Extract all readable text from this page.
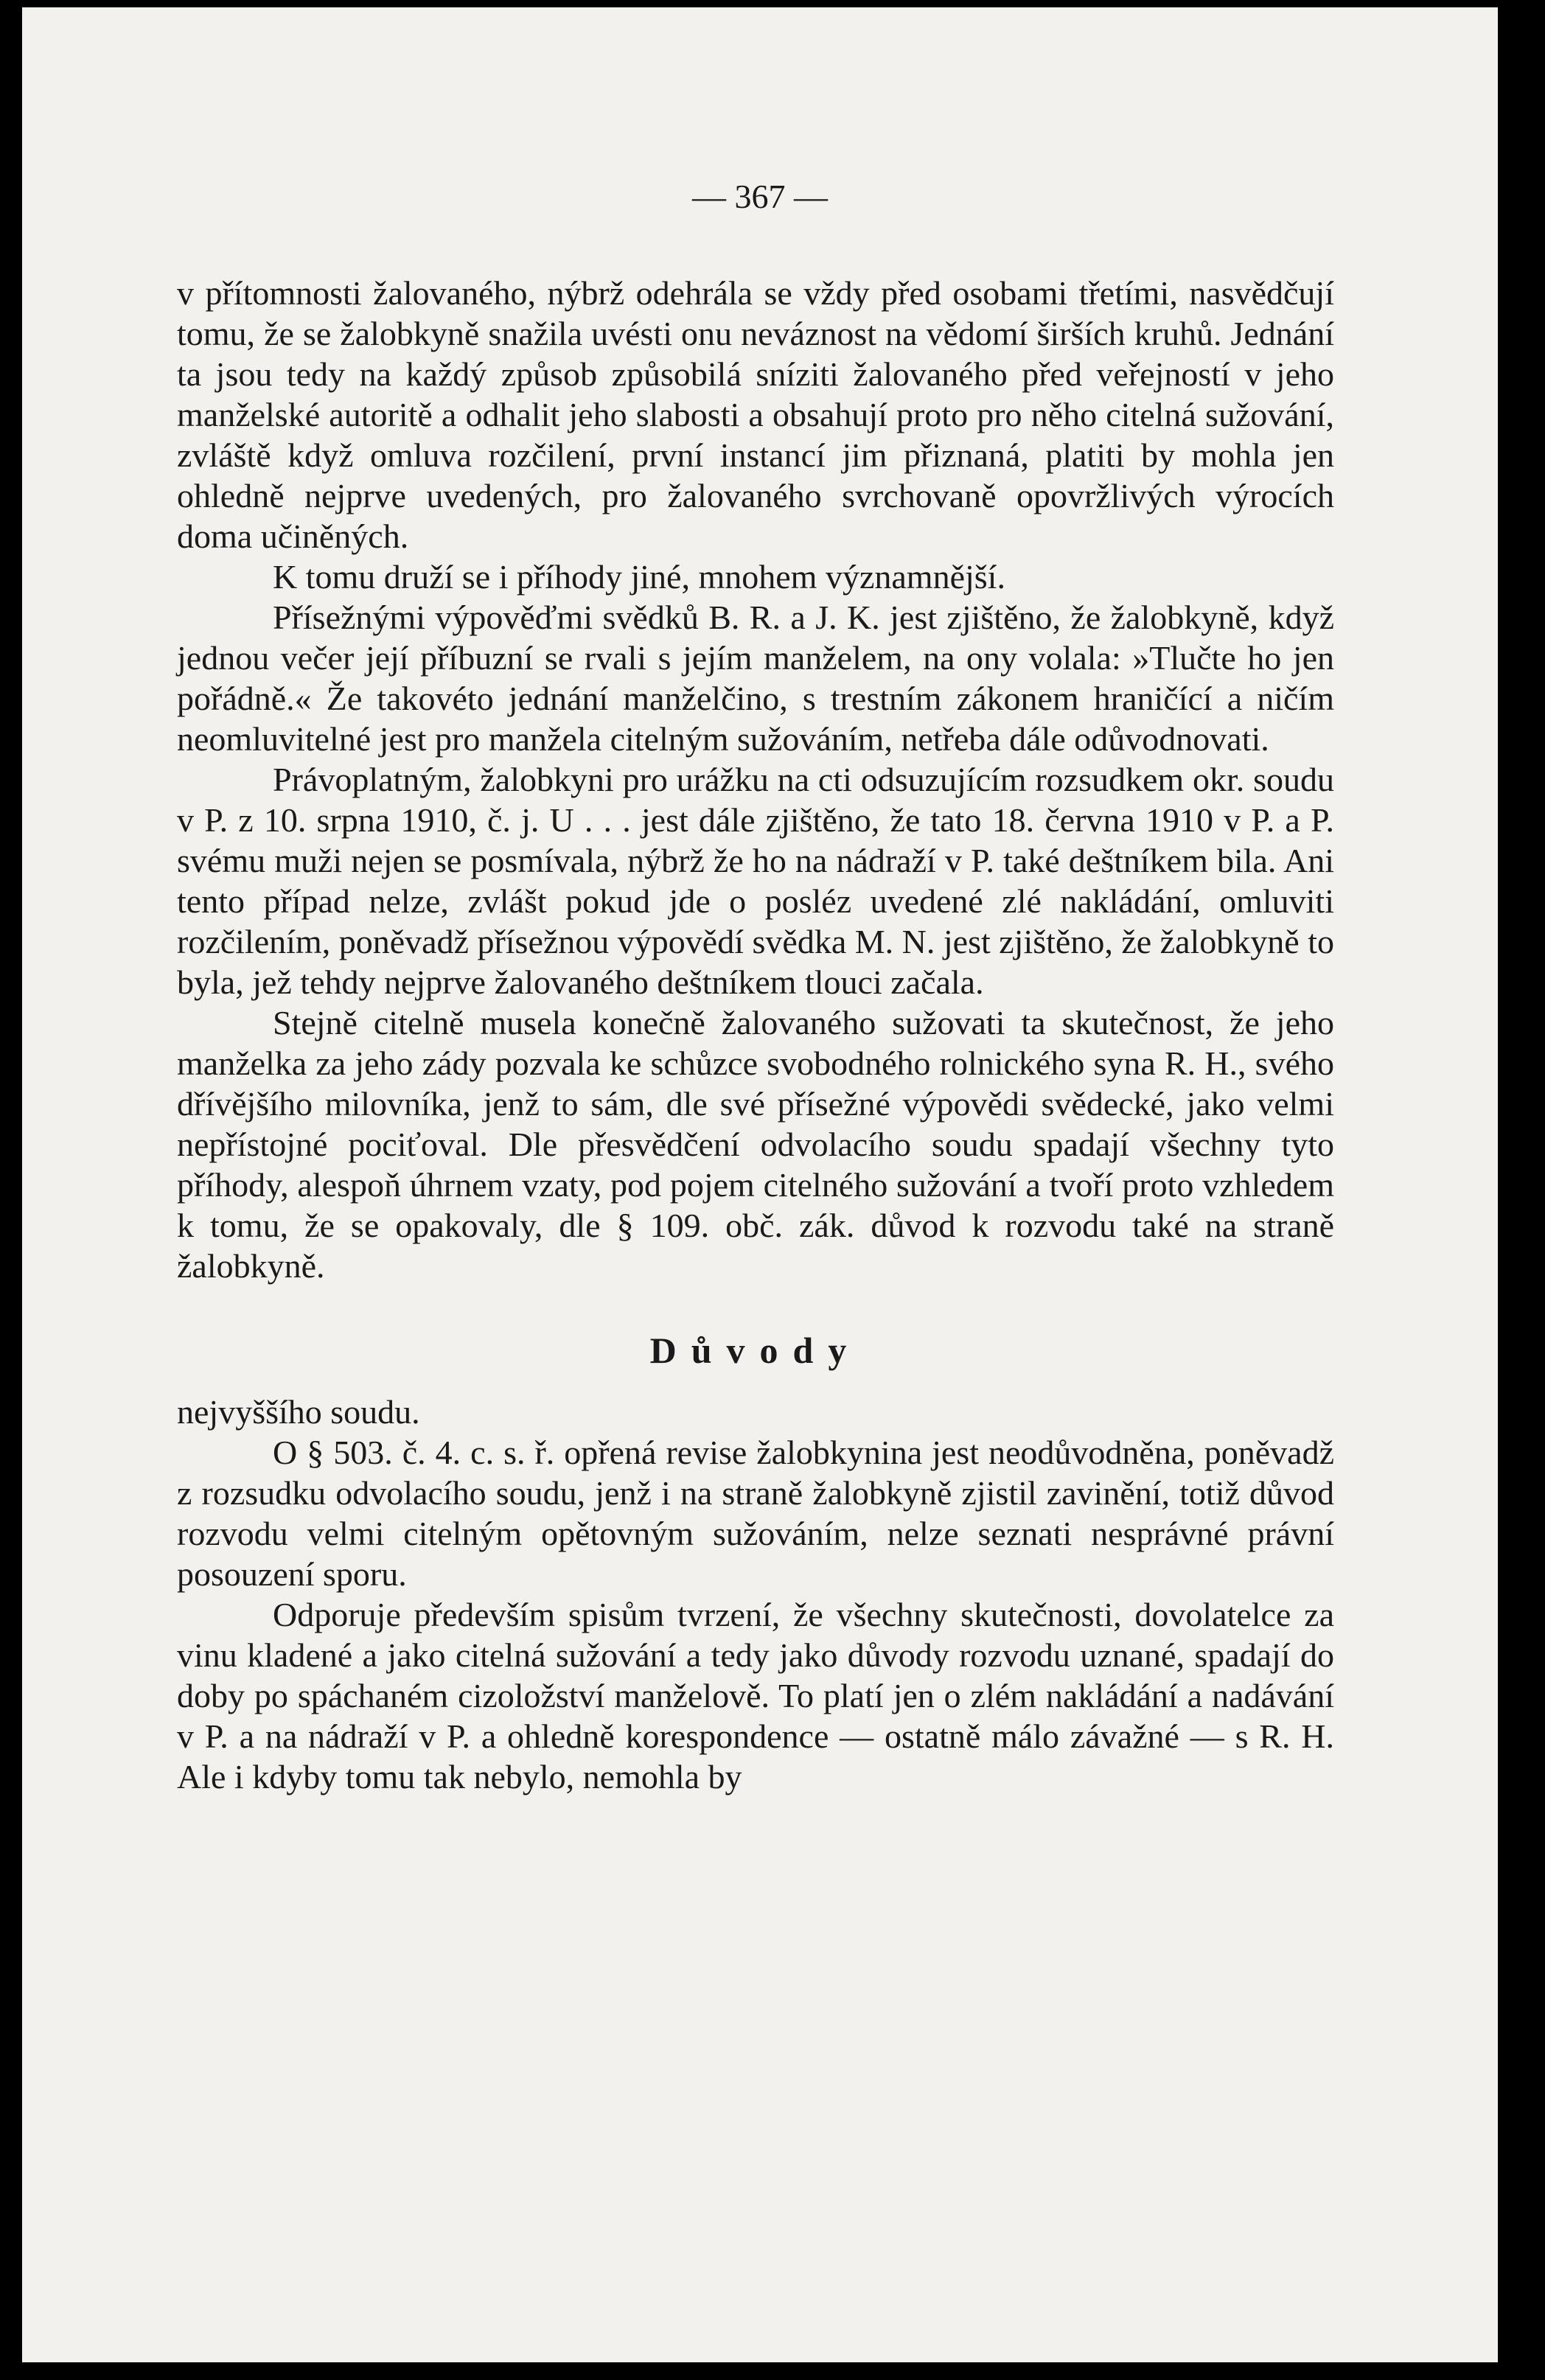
— 367 —

v přítomnosti žalovaného, nýbrž odehrála se vždy před osobami třetími, nasvědčují tomu, že se žalobkyně snažila uvésti onu neváznost na vědomí širších kruhů. Jednání ta jsou tedy na každý způsob způsobilá sníziti žalovaného před veřejností v jeho manželské autoritě a odhalit jeho slabosti a obsahují proto pro něho citelná sužování, zvláště když omluva rozčilení, první instancí jim přiznaná, platiti by mohla jen ohledně nejprve uvedených, pro žalovaného svrchovaně opovržlivých výrocích doma učiněných.

K tomu druží se i příhody jiné, mnohem významnější.

Přísežnými výpověďmi svědků B. R. a J. K. jest zjištěno, že žalobkyně, když jednou večer její příbuzní se rvali s jejím manželem, na ony volala: »Tlučte ho jen pořádně.« Že takovéto jednání manželčino, s trestním zákonem hraničící a ničím neomluvitelné jest pro manžela citelným sužováním, netřeba dále odůvodnovati.

Právoplatným, žalobkyni pro urážku na cti odsuzujícím rozsudkem okr. soudu v P. z 10. srpna 1910, č. j. U . . . jest dále zjištěno, že tato 18. června 1910 v P. a P. svému muži nejen se posmívala, nýbrž že ho na nádraží v P. také deštníkem bila. Ani tento případ nelze, zvlášt pokud jde o posléz uvedené zlé nakládání, omluviti rozčilením, poněvadž přísežnou výpovědí svědka M. N. jest zjištěno, že žalobkyně to byla, jež tehdy nejprve žalovaného deštníkem tlouci začala.

Stejně citelně musela konečně žalovaného sužovati ta skutečnost, že jeho manželka za jeho zády pozvala ke schůzce svobodného rolnického syna R. H., svého dřívějšího milovníka, jenž to sám, dle své přísežné výpovědi svědecké, jako velmi nepřístojné pociťoval. Dle přesvědčení odvolacího soudu spadají všechny tyto příhody, alespoň úhrnem vzaty, pod pojem citelného sužování a tvoří proto vzhledem k tomu, že se opakovaly, dle § 109. obč. zák. důvod k rozvodu také na straně žalobkyně.

Důvody

nejvyššího soudu.

O § 503. č. 4. c. s. ř. opřená revise žalobkynina jest neodůvodněna, poněvadž z rozsudku odvolacího soudu, jenž i na straně žalobkyně zjistil zavinění, totiž důvod rozvodu velmi citelným opětovným sužováním, nelze seznati nesprávné právní posouzení sporu.

Odporuje především spisům tvrzení, že všechny skutečnosti, dovolatelce za vinu kladené a jako citelná sužování a tedy jako důvody rozvodu uznané, spadají do doby po spáchaném cizoložství manželově. To platí jen o zlém nakládání a nadávání v P. a na nádraží v P. a ohledně korespondence — ostatně málo závažné — s R. H. Ale i kdyby tomu tak nebylo, nemohla by
